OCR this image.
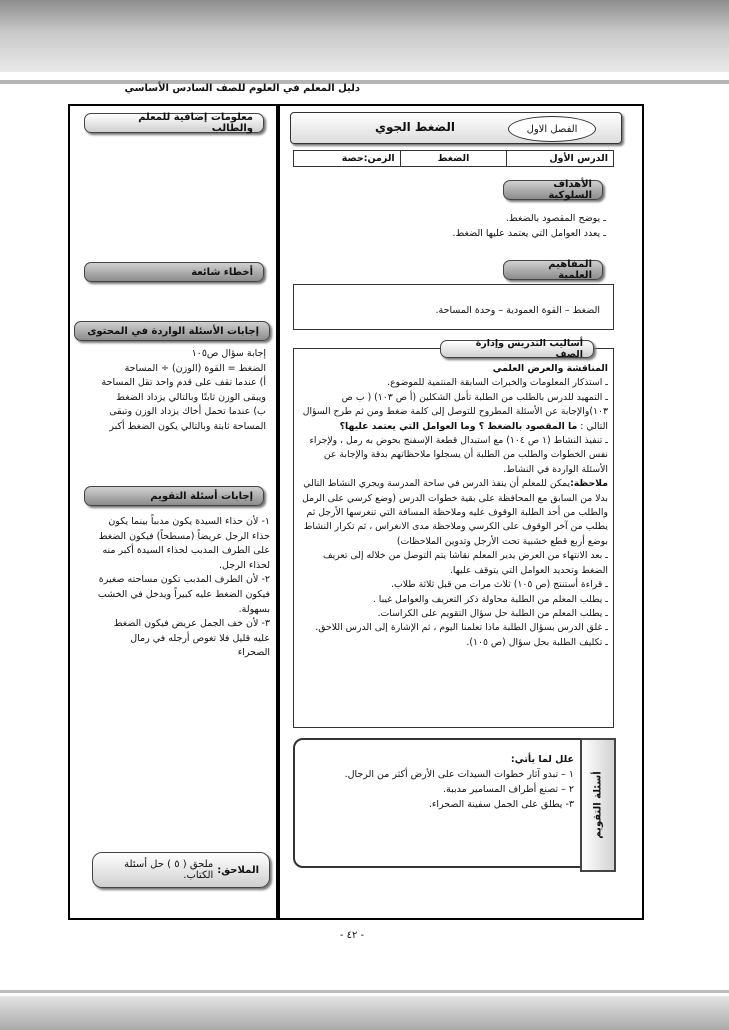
دليل المعلم في العلوم للصف السادس الأساسي
معلومات إضافية للمعلم والطالب
أخطاء شائعة
إجابات الأسئلة الواردة في المحتوى

إجابة سؤال ص١٠٥

الضغط = القوة (الوزن) ÷ المساحة

أ) عندما تقف على قدم واحد تقل المساحة

ويبقى الوزن ثابتًا وبالتالي يزداد الضغط

ب) عندما تحمل أخاك يزداد الوزن وتبقى

المساحة ثابتة وبالتالي يكون الضغط أكبر

إجابات أسئلة التقويم

١- لأن حذاء السيدة يكون مدبباً بينما يكون

حذاء الرجل عريضاً (مسطحاً) فيكون الضغط

على الطرف المدبب لحذاء السيدة أكبر منه

لحذاء الرجل.

٢- لأن الطرف المدبب تكون مساحته صغيرة

فيكون الضغط عليه كبيراً ويدخل في الخشب

بسهولة.

٣- لأن خف الجمل عريض فيكون الضغط

عليه قليل فلا تغوص أرجله في رمال

الصحراء

الملاحق:
ملحق ( ٥ ) حل أسئلة الكتاب.
الفصل الاول
الضغط الجوي
الدرس الأول
الضغط
الزمن:حصة
الأهداف السلوكية

ـ يوضح المقصود بالضغط.

ـ يعدد العوامل التي يعتمد عليها الضغط.

المفاهيم العلمية
الضغط – القوة العمودية – وحدة المساحة.
أساليب التدريس وإدارة الصف

المناقشة والعرض العلمي

ـ استذكار المعلومات والخبرات السابقة المنتمية للموضوع.

ـ التمهيد للدرس بالطلب من الطلبة تأمل الشكلين (أ ص ١٠٣) ( ب ص ١٠٣)والإجابة عن الأسئلة المطروح للتوصل إلى كلمة ضغط ومن ثم طرح السؤال التالي : ما المقصود بالضغط ؟ وما العوامل التي يعتمد عليها؟

ـ تنفيذ النشاط (١ ص ١٠٤) مع استبدال قطعة الإسفنج بحوض به رمل ، ولإجراء نفس الخطوات والطلب من الطلبة أن يسجلوا ملاحظاتهم بدقة والإجابة عن الأسئلة الواردة في النشاط.

ملاحظة:يمكن للمعلم أن ينفذ الدرس في ساحة المدرسة ويجري النشاط التالي بدلا من السابق مع المحافظة على بقية خطوات الدرس (وضع كرسي على الرمل والطلب من أحد الطلبة الوقوف عليه وملاحظة المسافة التي تنغرسها الأرجل ثم يطلب من آخر الوقوف على الكرسي وملاحظة مدى الانغراس ، ثم تكرار النشاط بوضع أربع قطع خشبية تحت الأرجل وتدوين الملاحظات)

ـ بعد الانتهاء من العرض يدير المعلم نقاشا يتم التوصل من خلاله إلى تعريف الضغط وتحديد العوامل التي يتوقف عليها.

ـ قراءة أستنتج (ص ١٠٥) ثلاث مرات من قبل ثلاثة طلاب.

ـ يطلب المعلم من الطلبة محاولة ذكر التعريف والعوامل غيبا .

ـ يطلب المعلم من الطلبة حل سؤال التقويم على الكراسات.

ـ غلق الدرس بسؤال الطلبة ماذا تعلمنا اليوم ، ثم الإشارة إلى الدرس اللاحق.

ـ تكليف الطلبة بحل سؤال (ص ١٠٥).

أسئلة التقويم

علل لما يأتي:

١ – تبدو آثار خطوات السيدات على الأرض أكثر من الرجال.

٢ – تصنع أطراف المسامير مدببة.

٣- يطلق على الجمل سفينة الصحراء.

- ٤٢ -
